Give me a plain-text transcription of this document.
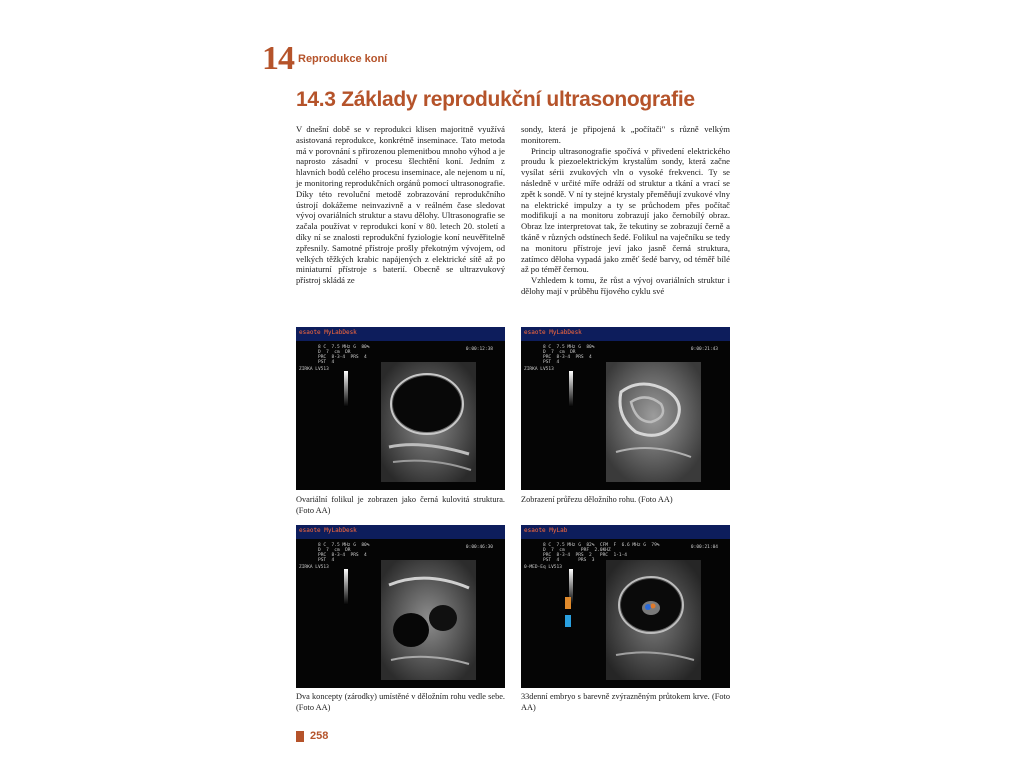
14 Reprodukce koní
14.3 Základy reprodukční ultrasonografie

V dnešní době se v reprodukci klisen majoritně využívá asistovaná reprodukce, konkrétně inseminace. Tato metoda má v porovnání s přirozenou plemenitbou mnoho výhod a je naprosto zásadní v procesu šlechtění koní. Jedním z hlavních bodů celého procesu inseminace, ale nejenom u ní, je monitoring reprodukčních orgánů pomocí ultrasonografie. Díky této revoluční metodě zobrazování reprodukčního ústrojí dokážeme neinvazivně a v reálném čase sledovat vývoj ovariálních struktur a stavu dělohy. Ultrasonografie se začala používat v reprodukci koní v 80. letech 20. století a díky ní se znalosti reprodukční fyziologie koní neuvěřitelně zpřesnily. Samotné přístroje prošly překotným vývojem, od velkých těžkých krabic napájených z elektrické sítě až po miniaturní přístroje s baterií. Obecně se ultrazvukový přístroj skládá ze

sondy, která je připojená k „počítači" s různě velkým monitorem.

Princip ultrasonografie spočívá v přivedení elektrického proudu k piezoelektrickým krystalům sondy, která začne vysílat sérii zvukových vln o vysoké frekvenci. Ty se následně v určité míře odráží od struktur a tkání a vrací se zpět k sondě. V ní ty stejné krystaly přeměňují zvukové vlny na elektrické impulzy a ty se průchodem přes počítač modifikují a na monitoru zobrazují jako černobílý obraz. Obraz lze interpretovat tak, že tekutiny se zobrazují černě a tkáně v různých odstínech šedé. Folikul na vaječníku se tedy na monitoru přístroje jeví jako jasně černá struktura, zatímco děloha vypadá jako změť šedé barvy, od téměř bílé až po téměř černou.

Vzhledem k tomu, že růst a vývoj ovariálních struktur i dělohy mají v průběhu říjového cyklu své

esaote MyLabDesk
8 C  7.5 MHz G  80%
D  7  cm  DR
PRC  8-3-4  PRS  4
PST  4
0:00:12:38
ZIRKA LV513
Ovariální folikul je zobrazen jako černá kulovitá struktura. (Foto AA)
esaote MyLabDesk
8 C  7.5 MHz G  80%
D  7  cm  DR
PRC  8-3-4  PRS  4
PST  4
0:00:21:43
ZIRKA LV513
Zobrazení průřezu děložního rohu. (Foto AA)
esaote MyLabDesk
8 C  7.5 MHz G  80%
D  7  cm  DR
PRC  8-3-4  PRS  4
PST  4
0:00:46:30
ZIRKA LV513
Dva koncepty (zárodky) umístěné v děložním rohu vedle sebe. (Foto AA)
esaote MyLab
8 C  7.5 MHz G  82%  CFM  F  6.6 MHz G  79%
D  7  cm      PRF  2.0KHZ
PRC  8-3-4  PRS  2   PRC  1-1-4
PST  4       PRS  3
0:00:21:04
0-MED-Eq LV513
33denní embryo s barevně zvýrazněným průtokem krve. (Foto AA)
258
